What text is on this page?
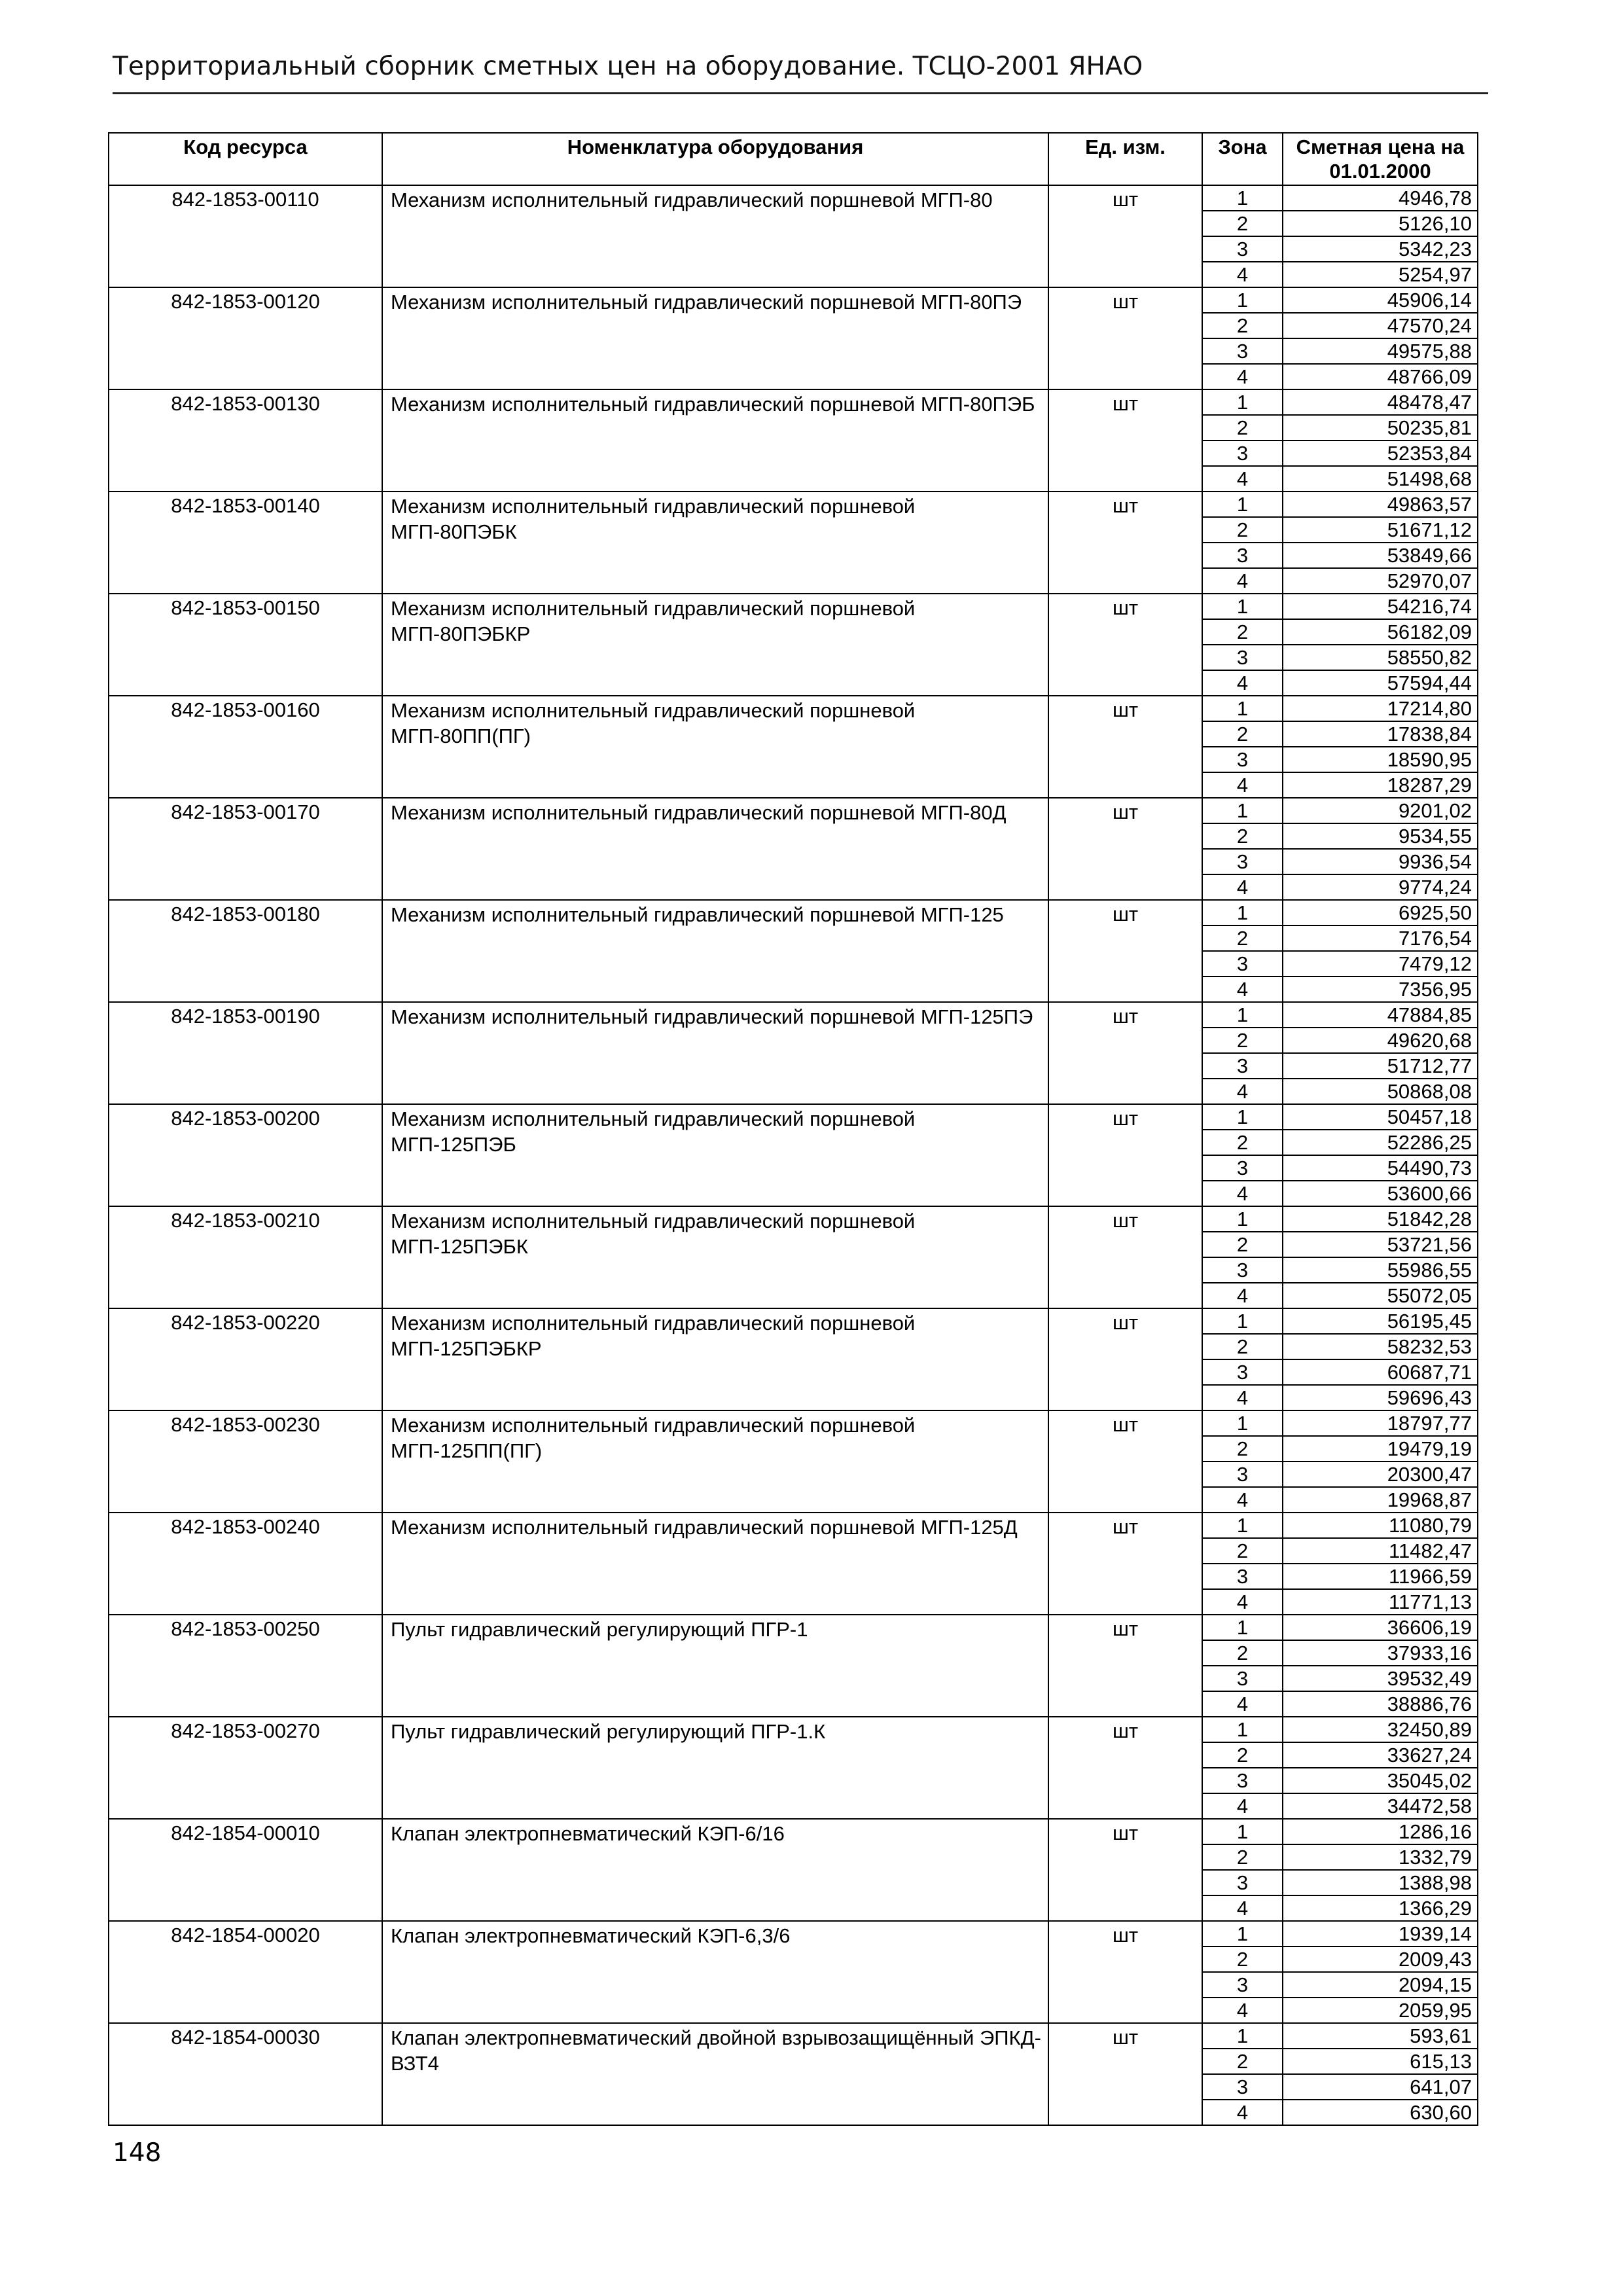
Территориальный сборник сметных цен на оборудование. ТСЦО-2001 ЯНАО
Код ресурса	Номенклатура оборудования	Ед. изм.	Зона	Сметная цена на 01.01.2000
842-1853-00110	Механизм исполнительный гидравлический поршневой МГП-80	шт	1	4946,78
			2	5126,10
			3	5342,23
			4	5254,97
842-1853-00120	Механизм исполнительный гидравлический поршневой МГП-80ПЭ	шт	1	45906,14
			2	47570,24
			3	49575,88
			4	48766,09
842-1853-00130	Механизм исполнительный гидравлический поршневой МГП-80ПЭБ	шт	1	48478,47
			2	50235,81
			3	52353,84
			4	51498,68
842-1853-00140	Механизм исполнительный гидравлический поршневой МГП-80ПЭБК	шт	1	49863,57
			2	51671,12
			3	53849,66
			4	52970,07
842-1853-00150	Механизм исполнительный гидравлический поршневой МГП-80ПЭБКР	шт	1	54216,74
			2	56182,09
			3	58550,82
			4	57594,44
842-1853-00160	Механизм исполнительный гидравлический поршневой МГП-80ПП(ПГ)	шт	1	17214,80
			2	17838,84
			3	18590,95
			4	18287,29
842-1853-00170	Механизм исполнительный гидравлический поршневой МГП-80Д	шт	1	9201,02
			2	9534,55
			3	9936,54
			4	9774,24
842-1853-00180	Механизм исполнительный гидравлический поршневой МГП-125	шт	1	6925,50
			2	7176,54
			3	7479,12
			4	7356,95
842-1853-00190	Механизм исполнительный гидравлический поршневой МГП-125ПЭ	шт	1	47884,85
			2	49620,68
			3	51712,77
			4	50868,08
842-1853-00200	Механизм исполнительный гидравлический поршневой МГП-125ПЭБ	шт	1	50457,18
			2	52286,25
			3	54490,73
			4	53600,66
842-1853-00210	Механизм исполнительный гидравлический поршневой МГП-125ПЭБК	шт	1	51842,28
			2	53721,56
			3	55986,55
			4	55072,05
842-1853-00220	Механизм исполнительный гидравлический поршневой МГП-125ПЭБКР	шт	1	56195,45
			2	58232,53
			3	60687,71
			4	59696,43
842-1853-00230	Механизм исполнительный гидравлический поршневой МГП-125ПП(ПГ)	шт	1	18797,77
			2	19479,19
			3	20300,47
			4	19968,87
842-1853-00240	Механизм исполнительный гидравлический поршневой МГП-125Д	шт	1	11080,79
			2	11482,47
			3	11966,59
			4	11771,13
842-1853-00250	Пульт гидравлический регулирующий ПГР-1	шт	1	36606,19
			2	37933,16
			3	39532,49
			4	38886,76
842-1853-00270	Пульт гидравлический регулирующий ПГР-1.К	шт	1	32450,89
			2	33627,24
			3	35045,02
			4	34472,58
842-1854-00010	Клапан электропневматический КЭП-6/16	шт	1	1286,16
			2	1332,79
			3	1388,98
			4	1366,29
842-1854-00020	Клапан электропневматический КЭП-6,3/6	шт	1	1939,14
			2	2009,43
			3	2094,15
			4	2059,95
842-1854-00030	Клапан электропневматический двойной взрывозащищённый ЭПКД-ВЗТ4	шт	1	593,61
			2	615,13
			3	641,07
			4	630,60
148
